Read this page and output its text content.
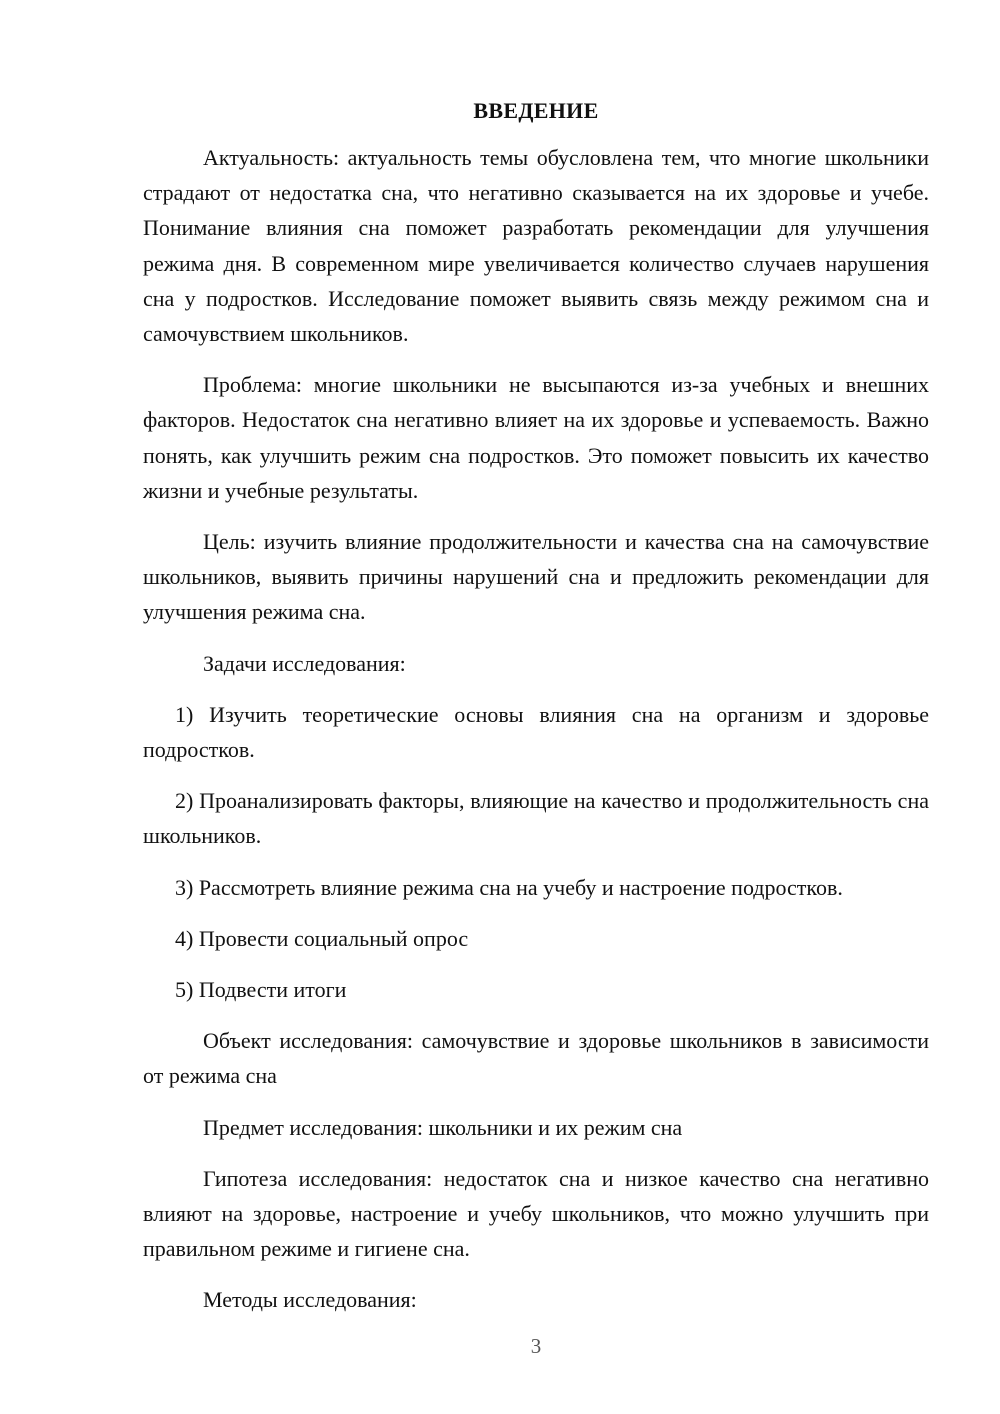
ВВЕДЕНИЕ

Актуальность: актуальность темы обусловлена тем, что многие школьники страдают от недостатка сна, что негативно сказывается на их здоровье и учебе. Понимание влияния сна поможет разработать рекомендации для улучшения режима дня. В современном мире увеличивается количество случаев нарушения сна у подростков. Исследование поможет выявить связь между режимом сна и самочувствием школьников.

Проблема: многие школьники не высыпаются из-за учебных и внешних факторов. Недостаток сна негативно влияет на их здоровье и успеваемость. Важно понять, как улучшить режим сна подростков. Это поможет повысить их качество жизни и учебные результаты.

Цель: изучить влияние продолжительности и качества сна на самочувствие школьников, выявить причины нарушений сна и предложить рекомендации для улучшения режима сна.

Задачи исследования:

1) Изучить теоретические основы влияния сна на организм и здоровье подростков.

2) Проанализировать факторы, влияющие на качество и продолжительность сна школьников.

3) Рассмотреть влияние режима сна на учебу и настроение подростков.

4) Провести социальный опрос

5) Подвести итоги

Объект исследования: самочувствие и здоровье школьников в зависимости от режима сна

Предмет исследования: школьники и их режим сна

Гипотеза исследования: недостаток сна и низкое качество сна негативно влияют на здоровье, настроение и учебу школьников, что можно улучшить при правильном режиме и гигиене сна.

Методы исследования:

3
